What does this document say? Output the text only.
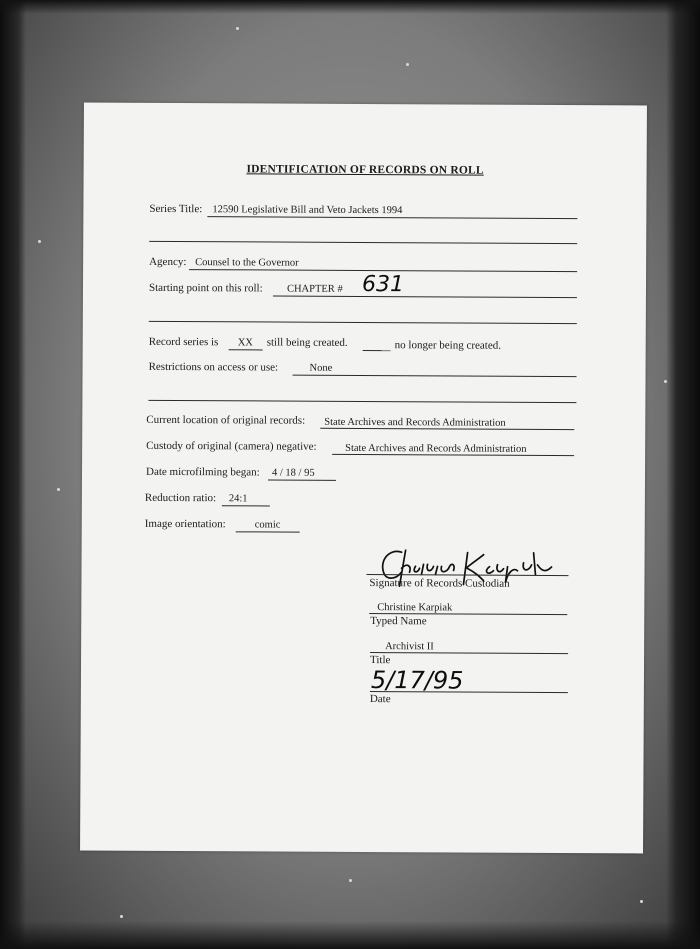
IDENTIFICATION OF RECORDS ON ROLL
Series Title: 12590 Legislative Bill and Veto Jackets 1994
Agency: Counsel to the Governor
Starting point on this roll: CHAPTER # 631
Record series is XX still being created.	no longer being created.
Restrictions on access or use:	None
Current location of original records: State Archives and Records Administration
Custody of original (camera) negative:	State Archives and Records Administration
Date microfilming began: 4 / 18 / 95
Reduction ratio: 24:1
Image orientation:	comic
Signature of Records Custodian
Christine Karpiak
Typed Name
Archivist II
Title
5/17/95
Date
